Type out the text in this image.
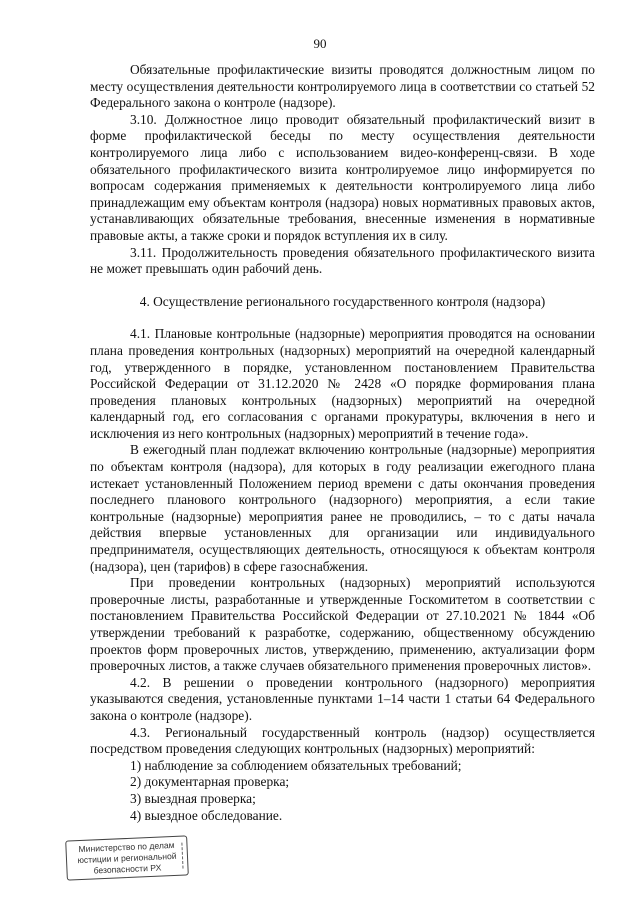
90

Обязательные профилактические визиты проводятся должностным лицом по месту осуществления деятельности контролируемого лица в соответствии со статьей 52 Федерального закона о контроле (надзоре).

3.10. Должностное лицо проводит обязательный профилактический визит в форме профилактической беседы по месту осуществления деятельности контролируемого лица либо с использованием видео-конференц-связи. В ходе обязательного профилактического визита контролируемое лицо информируется по вопросам содержания применяемых к деятельности контролируемого лица либо принадлежащим ему объектам контроля (надзора) новых нормативных правовых актов, устанавливающих обязательные требования, внесенные изменения в нормативные правовые акты, а также сроки и порядок вступления их в силу.

3.11. Продолжительность проведения обязательного профилактического визита не может превышать один рабочий день.

4. Осуществление регионального государственного контроля (надзора)

4.1. Плановые контрольные (надзорные) мероприятия проводятся на основании плана проведения контрольных (надзорных) мероприятий на очередной календарный год, утвержденного в порядке, установленном постановлением Правительства Российской Федерации от 31.12.2020 № 2428 «О порядке формирования плана проведения плановых контрольных (надзорных) мероприятий на очередной календарный год, его согласования с органами прокуратуры, включения в него и исключения из него контрольных (надзорных) мероприятий в течение года».

В ежегодный план подлежат включению контрольные (надзорные) мероприятия по объектам контроля (надзора), для которых в году реализации ежегодного плана истекает установленный Положением период времени с даты окончания проведения последнего планового контрольного (надзорного) мероприятия, а если такие контрольные (надзорные) мероприятия ранее не проводились, – то с даты начала действия впервые установленных для организации или индивидуального предпринимателя, осуществляющих деятельность, относящуюся к объектам контроля (надзора), цен (тарифов) в сфере газоснабжения.

При проведении контрольных (надзорных) мероприятий используются проверочные листы, разработанные и утвержденные Госкомитетом в соответствии с постановлением Правительства Российской Федерации от 27.10.2021 № 1844 «Об утверждении требований к разработке, содержанию, общественному обсуждению проектов форм проверочных листов, утверждению, применению, актуализации форм проверочных листов, а также случаев обязательного применения проверочных листов».

4.2. В решении о проведении контрольного (надзорного) мероприятия указываются сведения, установленные пунктами 1–14 части 1 статьи 64 Федерального закона о контроле (надзоре).

4.3. Региональный государственный контроль (надзор) осуществляется посредством проведения следующих контрольных (надзорных) мероприятий:

1) наблюдение за соблюдением обязательных требований;

2) документарная проверка;

3) выездная проверка;

4) выездное обследование.

Министерство по делам
юстиции и региональной
безопасности РХ
